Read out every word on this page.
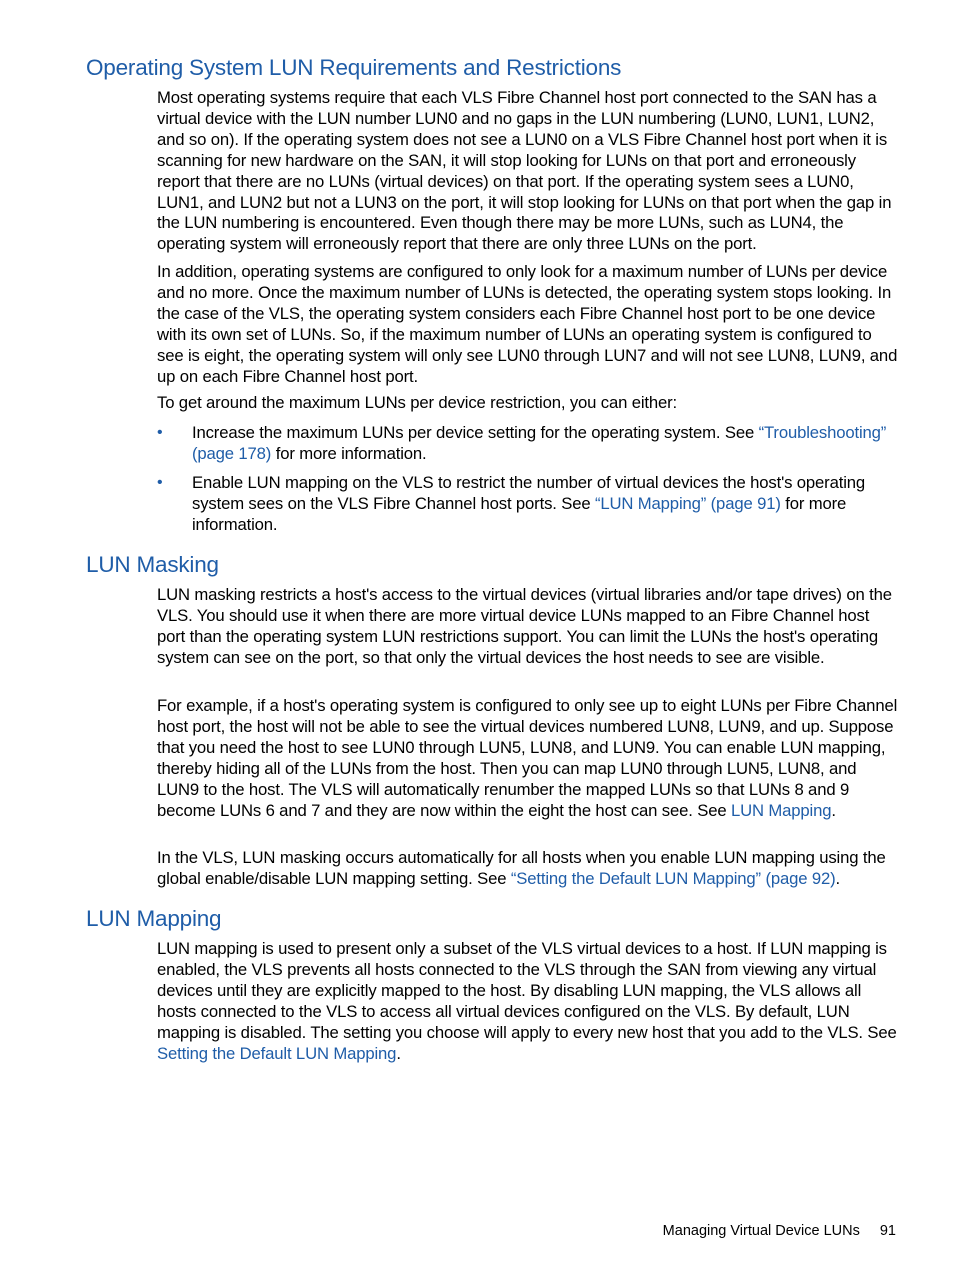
Operating System LUN Requirements and Restrictions

Most operating systems require that each VLS Fibre Channel host port connected to the SAN has a virtual device with the LUN number LUN0 and no gaps in the LUN numbering (LUN0, LUN1, LUN2, and so on). If the operating system does not see a LUN0 on a VLS Fibre Channel host port when it is scanning for new hardware on the SAN, it will stop looking for LUNs on that port and erroneously report that there are no LUNs (virtual devices) on that port. If the operating system sees a LUN0, LUN1, and LUN2 but not a LUN3 on the port, it will stop looking for LUNs on that port when the gap in the LUN numbering is encountered. Even though there may be more LUNs, such as LUN4, the operating system will erroneously report that there are only three LUNs on the port.

In addition, operating systems are configured to only look for a maximum number of LUNs per device and no more. Once the maximum number of LUNs is detected, the operating system stops looking. In the case of the VLS, the operating system considers each Fibre Channel host port to be one device with its own set of LUNs. So, if the maximum number of LUNs an operating system is configured to see is eight, the operating system will only see LUN0 through LUN7 and will not see LUN8, LUN9, and up on each Fibre Channel host port.

To get around the maximum LUNs per device restriction, you can either:

•	Increase the maximum LUNs per device setting for the operating system. See “Troubleshooting” (page 178) for more information.
•	Enable LUN mapping on the VLS to restrict the number of virtual devices the host's operating system sees on the VLS Fibre Channel host ports. See “LUN Mapping” (page 91) for more information.
LUN Masking

LUN masking restricts a host's access to the virtual devices (virtual libraries and/or tape drives) on the VLS. You should use it when there are more virtual device LUNs mapped to an Fibre Channel host port than the operating system LUN restrictions support. You can limit the LUNs the host's operating system can see on the port, so that only the virtual devices the host needs to see are visible.

For example, if a host's operating system is configured to only see up to eight LUNs per Fibre Channel host port, the host will not be able to see the virtual devices numbered LUN8, LUN9, and up. Suppose that you need the host to see LUN0 through LUN5, LUN8, and LUN9. You can enable LUN mapping, thereby hiding all of the LUNs from the host. Then you can map LUN0 through LUN5, LUN8, and LUN9 to the host. The VLS will automatically renumber the mapped LUNs so that LUNs 8 and 9 become LUNs 6 and 7 and they are now within the eight the host can see. See LUN Mapping.

In the VLS, LUN masking occurs automatically for all hosts when you enable LUN mapping using the global enable/disable LUN mapping setting. See “Setting the Default LUN Mapping” (page 92).

LUN Mapping

LUN mapping is used to present only a subset of the VLS virtual devices to a host. If LUN mapping is enabled, the VLS prevents all hosts connected to the VLS through the SAN from viewing any virtual devices until they are explicitly mapped to the host. By disabling LUN mapping, the VLS allows all hosts connected to the VLS to access all virtual devices configured on the VLS. By default, LUN mapping is disabled. The setting you choose will apply to every new host that you add to the VLS. See Setting the Default LUN Mapping.

Managing Virtual Device LUNs 91
